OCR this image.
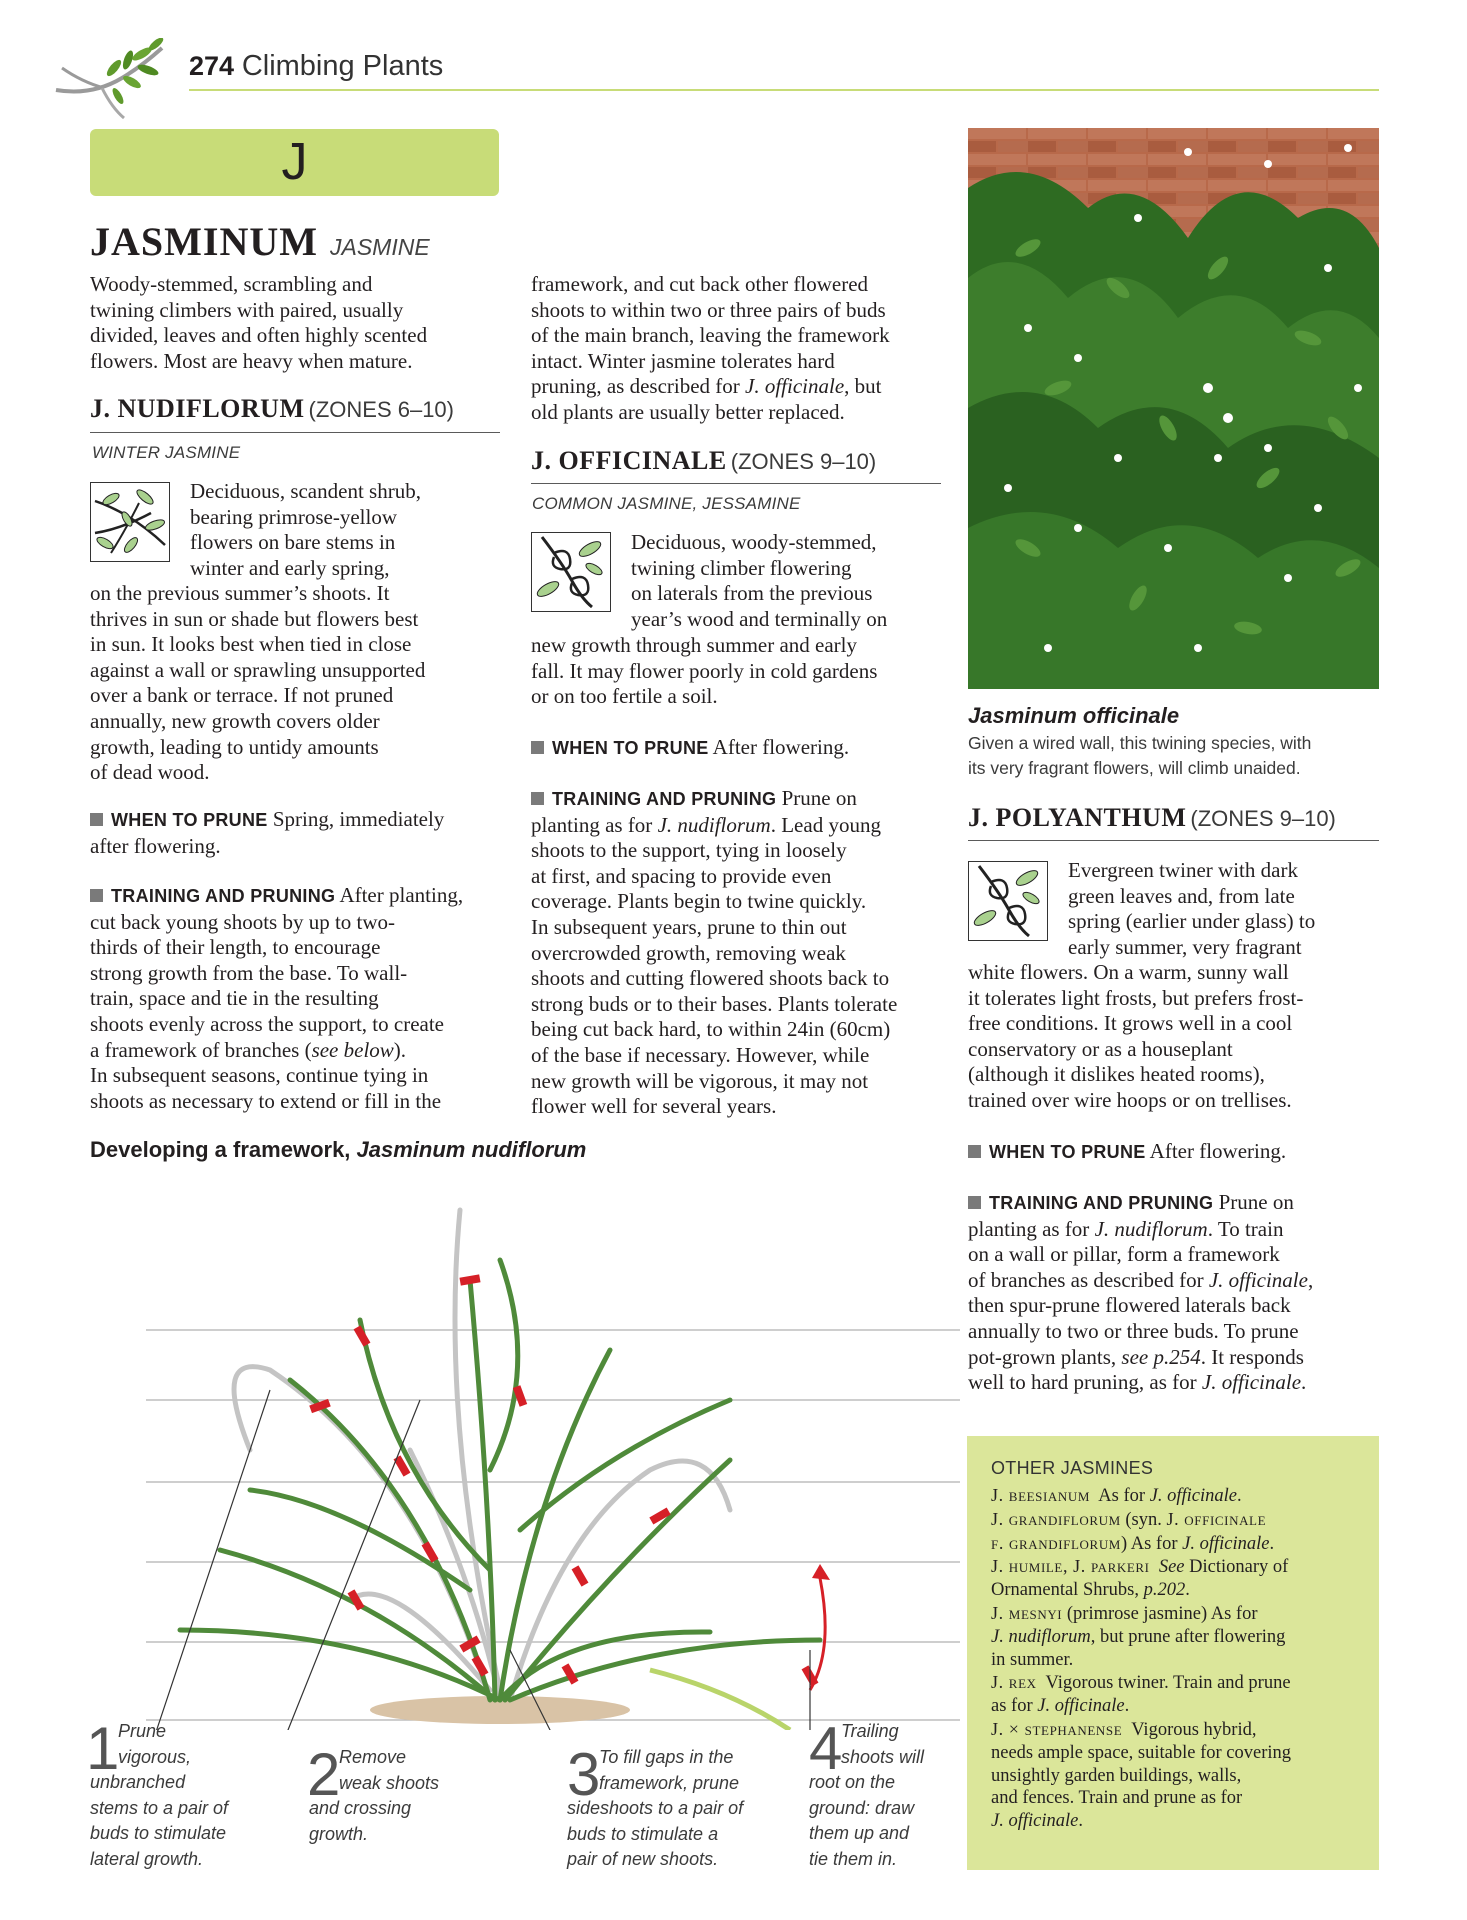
274 Climbing Plants
J
JASMINUM JASMINE
Woody-stemmed, scrambling and
twining climbers with paired, usually
divided, leaves and often highly scented
flowers. Most are heavy when mature.
J. NUDIFLORUM (ZONES 6–10)
WINTER JASMINE
Deciduous, scandent shrub,
bearing primrose-yellow
flowers on bare stems in
winter and early spring,
on the previous summer’s shoots. It
thrives in sun or shade but flowers best
in sun. It looks best when tied in close
against a wall or sprawling unsupported
over a bank or terrace. If not pruned
annually, new growth covers older
growth, leading to untidy amounts
of dead wood.
WHEN TO PRUNE Spring, immediately
after flowering.
TRAINING AND PRUNING After planting,
cut back young shoots by up to two-
thirds of their length, to encourage
strong growth from the base. To wall-
train, space and tie in the resulting
shoots evenly across the support, to create
a framework of branches (see below).
In subsequent seasons, continue tying in
shoots as necessary to extend or fill in the
framework, and cut back other flowered
shoots to within two or three pairs of buds
of the main branch, leaving the framework
intact. Winter jasmine tolerates hard
pruning, as described for J. officinale, but
old plants are usually better replaced.
J. OFFICINALE (ZONES 9–10)
COMMON JASMINE, JESSAMINE
Deciduous, woody-stemmed,
twining climber flowering
on laterals from the previous
year’s wood and terminally on
new growth through summer and early
fall. It may flower poorly in cold gardens
or on too fertile a soil.
WHEN TO PRUNE After flowering.
TRAINING AND PRUNING Prune on
planting as for J. nudiflorum. Lead young
shoots to the support, tying in loosely
at first, and spacing to provide even
coverage. Plants begin to twine quickly.
In subsequent years, prune to thin out
overcrowded growth, removing weak
shoots and cutting flowered shoots back to
strong buds or to their bases. Plants tolerate
being cut back hard, to within 24in (60cm)
of the base if necessary. However, while
new growth will be vigorous, it may not
flower well for several years.
Jasminum officinale
Given a wired wall, this twining species, with
its very fragrant flowers, will climb unaided.
J. POLYANTHUM (ZONES 9–10)
Evergreen twiner with dark
green leaves and, from late
spring (earlier under glass) to
early summer, very fragrant
white flowers. On a warm, sunny wall
it tolerates light frosts, but prefers frost-
free conditions. It grows well in a cool
conservatory or as a houseplant
(although it dislikes heated rooms),
trained over wire hoops or on trellises.
WHEN TO PRUNE After flowering.
TRAINING AND PRUNING Prune on
planting as for J. nudiflorum. To train
on a wall or pillar, form a framework
of branches as described for J. officinale,
then spur-prune flowered laterals back
annually to two or three buds. To prune
pot-grown plants, see p.254. It responds
well to hard pruning, as for J. officinale.
OTHER JASMINES
J. beesianum As for J. officinale.
J. grandiflorum (syn. J. officinale
f. grandiflorum) As for J. officinale.
J. humile, J. parkeri See Dictionary of
Ornamental Shrubs, p.202.
J. mesnyi (primrose jasmine) As for
J. nudiflorum, but prune after flowering
in summer.
J. rex Vigorous twiner. Train and prune
as for J. officinale.
J. × stephanense Vigorous hybrid,
needs ample space, suitable for covering
unsightly garden buildings, walls,
and fences. Train and prune as for
J. officinale.
Developing a framework, Jasminum nudiflorum
1
Prune
vigorous,
unbranched
stems to a pair of
buds to stimulate
lateral growth.
2
Remove
weak shoots
and crossing
growth.
3
To fill gaps in the
framework, prune
sideshoots to a pair of
buds to stimulate a
pair of new shoots.
4
Trailing
shoots will
root on the
ground: draw
them up and
tie them in.
